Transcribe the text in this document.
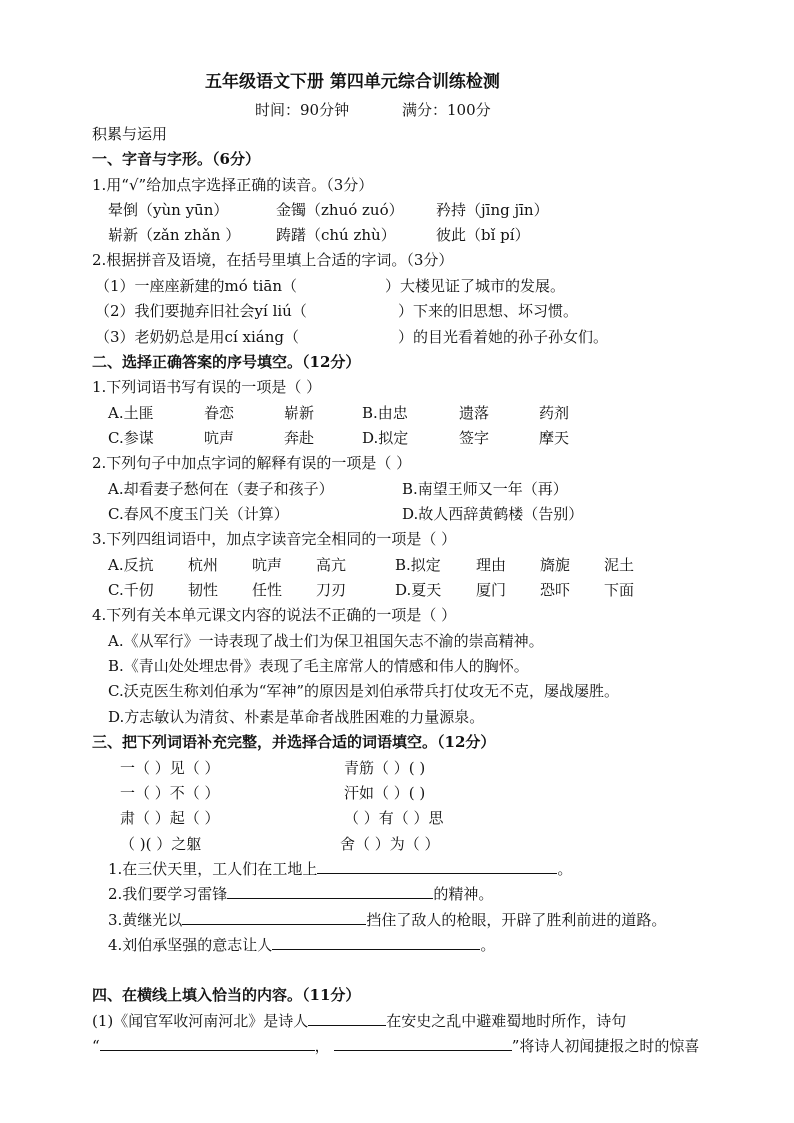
五年级语文下册 第四单元综合训练检测
时间：90分钟	满分：100分
积累与运用
一、字音与字形。（6分）
1.用“√”给加点字选择正确的读音。（3分）
晕倒（yùn yūn）	金镯（zhuó zuó） 矜持（jīng jīn）
崭新（zǎn zhǎn ） 踌躇（chú zhù）	彼此（bǐ pí）
2.根据拼音及语境，在括号里填上合适的字词。（3分）
（1）一座座新建的mó tiān（	）大楼见证了城市的发展。
（2）我们要抛弃旧社会yí liú（	）下来的旧思想、坏习惯。
（3）老奶奶总是用cí xiáng（	）的目光看着她的孙子孙女们。
二、选择正确答案的序号填空。（12分）
1.下列词语书写有误的一项是（ ）
A.土匪	眷恋	崭新	B.由忠	遗落	药剂
C.参谋	吭声	奔赴	D.拟定	签字	摩天
2.下列句子中加点字词的解释有误的一项是（ ）
A.却看妻子愁何在（妻子和孩子）	B.南望王师又一年（再）
C.春风不度玉门关（计算）	D.故人西辞黄鹤楼（告别）
3.下列四组词语中，加点字读音完全相同的一项是（ ）
A.反抗 杭州 吭声 高亢	B.拟定 理由 旖旎 泥土
C.千仞 韧性 任性 刀刃	D.夏天 厦门 恐吓 下面
4.下列有关本单元课文内容的说法不正确的一项是（ ）
A.《从军行》一诗表现了战士们为保卫祖国矢志不渝的崇高精神。
B.《青山处处埋忠骨》表现了毛主席常人的情感和伟人的胸怀。
C.沃克医生称刘伯承为“军神”的原因是刘伯承带兵打仗攻无不克，屡战屡胜。
D.方志敏认为清贫、朴素是革命者战胜困难的力量源泉。
三、把下列词语补充完整，并选择合适的词语填空。（12分）
一（ ）见（ ）	青筋（ ）( )
一（ ）不（ ）	汗如（ ）( )
肃（ ）起（ ）	（ ）有（ ）思
（ )( ）之躯	舍（ ）为（ ）
1.在三伏天里，工人们在工地上	。
2.我们要学习雷锋	的精神。
3.黄继光以	挡住了敌人的枪眼，开辟了胜利前进的道路。
4.刘伯承坚强的意志让人	。
四、在横线上填入恰当的内容。（11分）
(1)《闻官军收河南河北》是诗人	在安史之乱中避难蜀地时所作，诗句
“	，	”将诗人初闻捷报之时的惊喜
